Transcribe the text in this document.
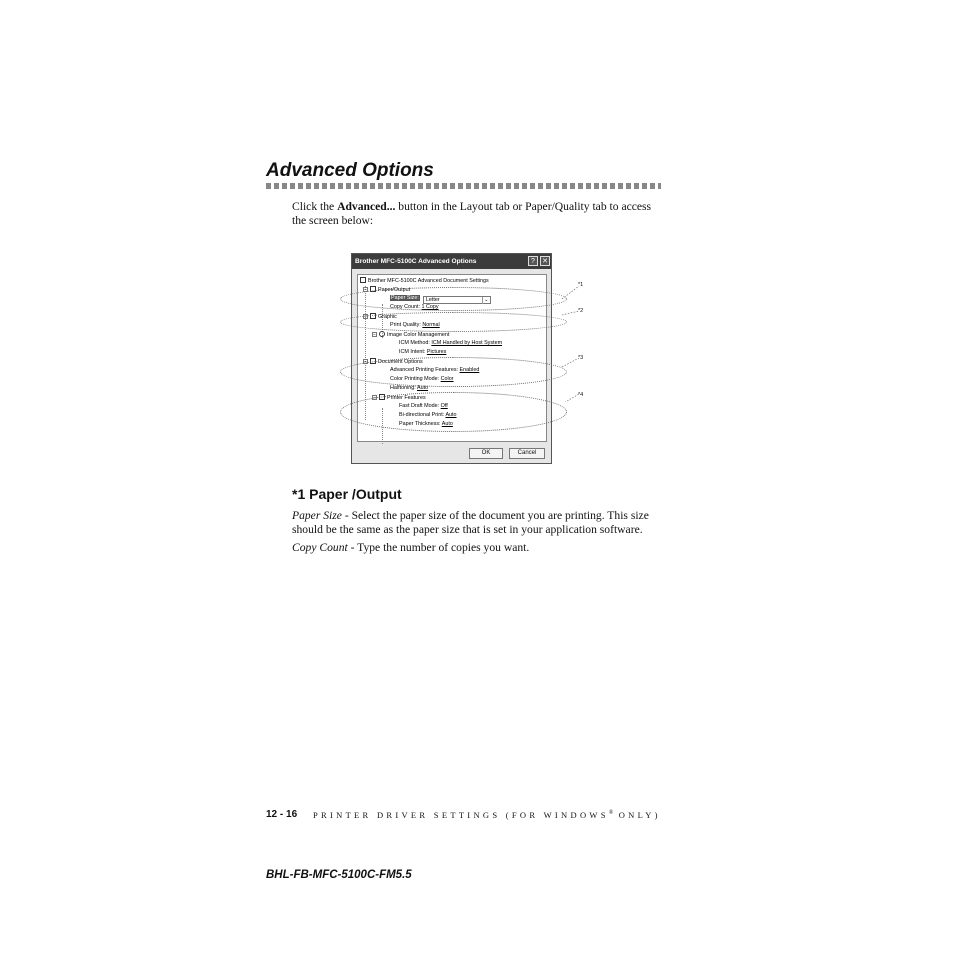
Advanced Options
Click the Advanced... button in the Layout tab or Paper/Quality tab to access the screen below:
Brother MFC-5100C Advanced Options	?	✕
Brother MFC-5100C Advanced Document Settings
− Paper/Output
Paper Size: Letter	⌄
Copy Count: 1 Copy
− Graphic
Print Quality: Normal
− Image Color Management
ICM Method: ICM Handled by Host System
ICM Intent: Pictures
− Document Options
Advanced Printing Features: Enabled
Color Printing Mode: Color
Halftoning: Auto
− Printer Features
Fast Draft Mode: Off
Bi-directional Print: Auto
Paper Thickness: Auto
OK	Cancel
*1
*2
*3
*4
*1 Paper /Output
Paper Size - Select the paper size of the document you are printing. This size should be the same as the paper size that is set in your application software.
Copy Count - Type the number of copies you want.
12 - 16 PRINTER DRIVER SETTINGS (FOR WINDOWS® ONLY)
BHL-FB-MFC-5100C-FM5.5
